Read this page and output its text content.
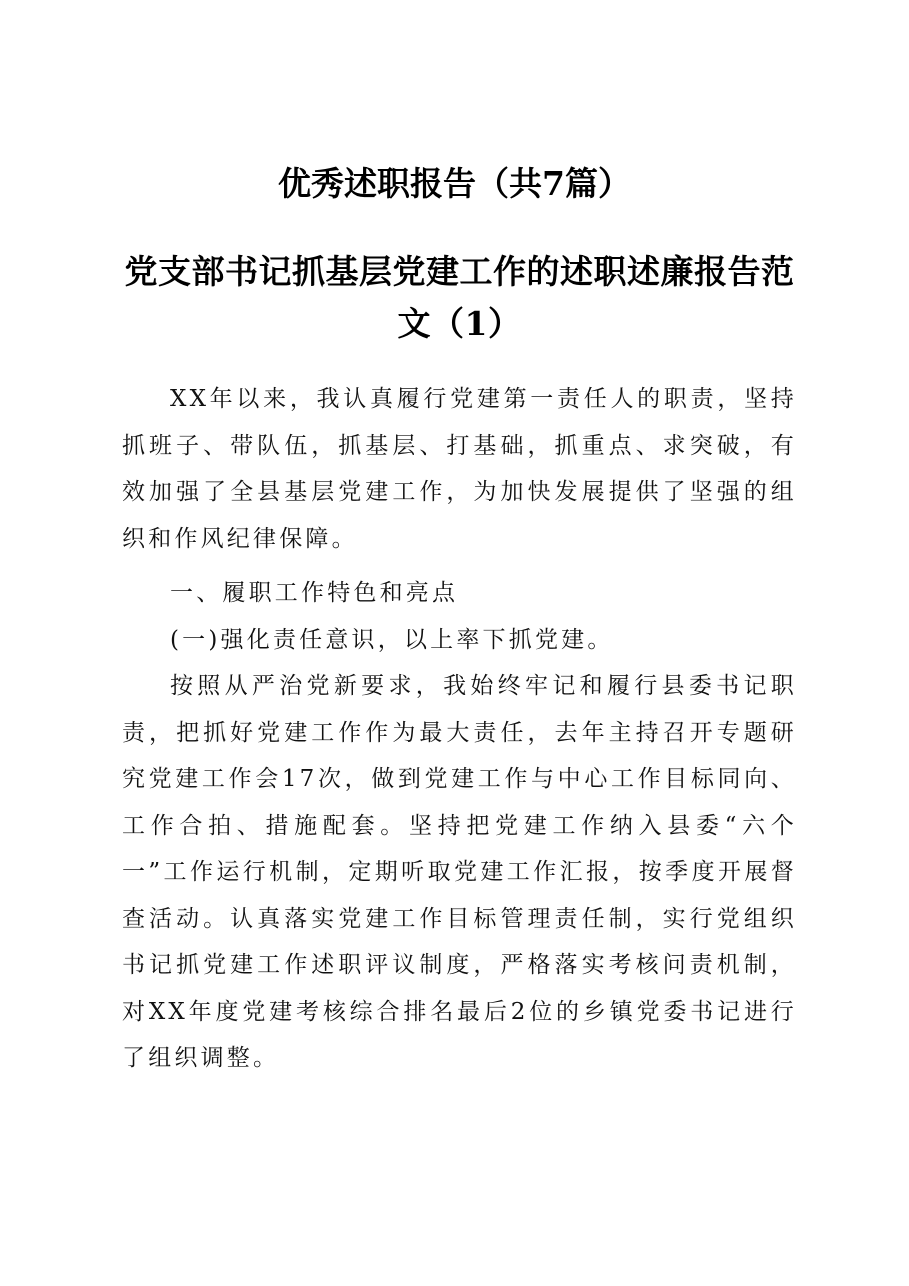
优秀述职报告（共7篇）
党支部书记抓基层党建工作的述职述廉报告范文（1）

XX年以来，我认真履行党建第一责任人的职责，坚持抓班子、带队伍，抓基层、打基础，抓重点、求突破，有效加强了全县基层党建工作，为加快发展提供了坚强的组织和作风纪律保障。

一、履职工作特色和亮点

(一)强化责任意识，以上率下抓党建。

按照从严治党新要求，我始终牢记和履行县委书记职责，把抓好党建工作作为最大责任，去年主持召开专题研究党建工作会17次，做到党建工作与中心工作目标同向、工作合拍、措施配套。坚持把党建工作纳入县委“六个一”工作运行机制，定期听取党建工作汇报，按季度开展督查活动。认真落实党建工作目标管理责任制，实行党组织书记抓党建工作述职评议制度，严格落实考核问责机制，对XX年度党建考核综合排名最后2位的乡镇党委书记进行了组织调整。
